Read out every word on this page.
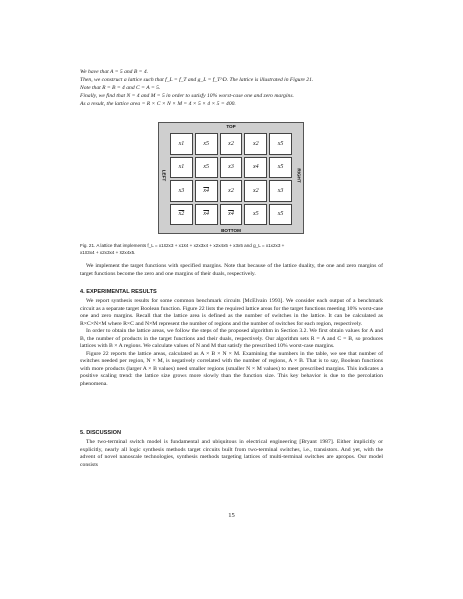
We have that A = 5 and B = 4.
Then, we construct a lattice such that f_L = f_T and g_L = f_T^D. The lattice is illustrated in Figure 21.
Note that R = B = 4 and C = A = 5.
Finally, we find that N = 4 and M = 5 in order to satisfy 10% worst-case one and zero margins.
As a result, the lattice area = R × C × N × M = 4 × 5 × 4 × 5 = 400.
TOP
BOTTOM
LEFT	RIGHT
x1	x5	x2	x2	x5
x1	x5	x3	x4	x5
x3	x4	x2	x2	x3
x2	x4	x4	x5	x5
Fig. 21. A lattice that implements f_L = x1x̄2x3 + x1x̄4 + x2x3x4 + x2x4x5 + x3x5 and g_L = x1x2x3 +
x1x̄3x4 + x2x3x4 + x̄2x4x5.

We implement the target functions with specified margins. Note that because of the lattice duality, the one and zero margins of target functions become the zero and one margins of their duals, respectively.

4. EXPERIMENTAL RESULTS

We report synthesis results for some common benchmark circuits [McElvain 1993]. We consider each output of a benchmark circuit as a separate target Boolean function. Figure 22 lists the required lattice areas for the target functions meeting 10% worst-case one and zero margins. Recall that the lattice area is defined as the number of switches in the lattice. It can be calculated as R×C×N×M where R×C and N×M represent the number of regions and the number of switches for each region, respectively.

In order to obtain the lattice areas, we follow the steps of the proposed algorithm in Section 3.2. We first obtain values for A and B, the number of products in the target functions and their duals, respectively. Our algorithm sets R = A and C = B, so produces lattices with B × A regions. We calculate values of N and M that satisfy the prescribed 10% worst-case margins.

Figure 22 reports the lattice areas, calculated as A × B × N × M. Examining the numbers in the table, we see that number of switches needed per region, N × M, is negatively correlated with the number of regions, A × B. That is to say, Boolean functions with more products (larger A × B values) need smaller regions (smaller N × M values) to meet prescribed margins. This indicates a positive scaling trend: the lattice size grows more slowly than the function size. This key behavior is due to the percolation phenomena.

5. DISCUSSION

The two-terminal switch model is fundamental and ubiquitous in electrical engineering [Bryant 1987]. Either implicitly or explicitly, nearly all logic synthesis methods target circuits built from two-terminal switches, i.e., transistors. And yet, with the advent of novel nanoscale technologies, synthesis methods targeting lattices of multi-terminal switches are apropos. Our model consists

15
